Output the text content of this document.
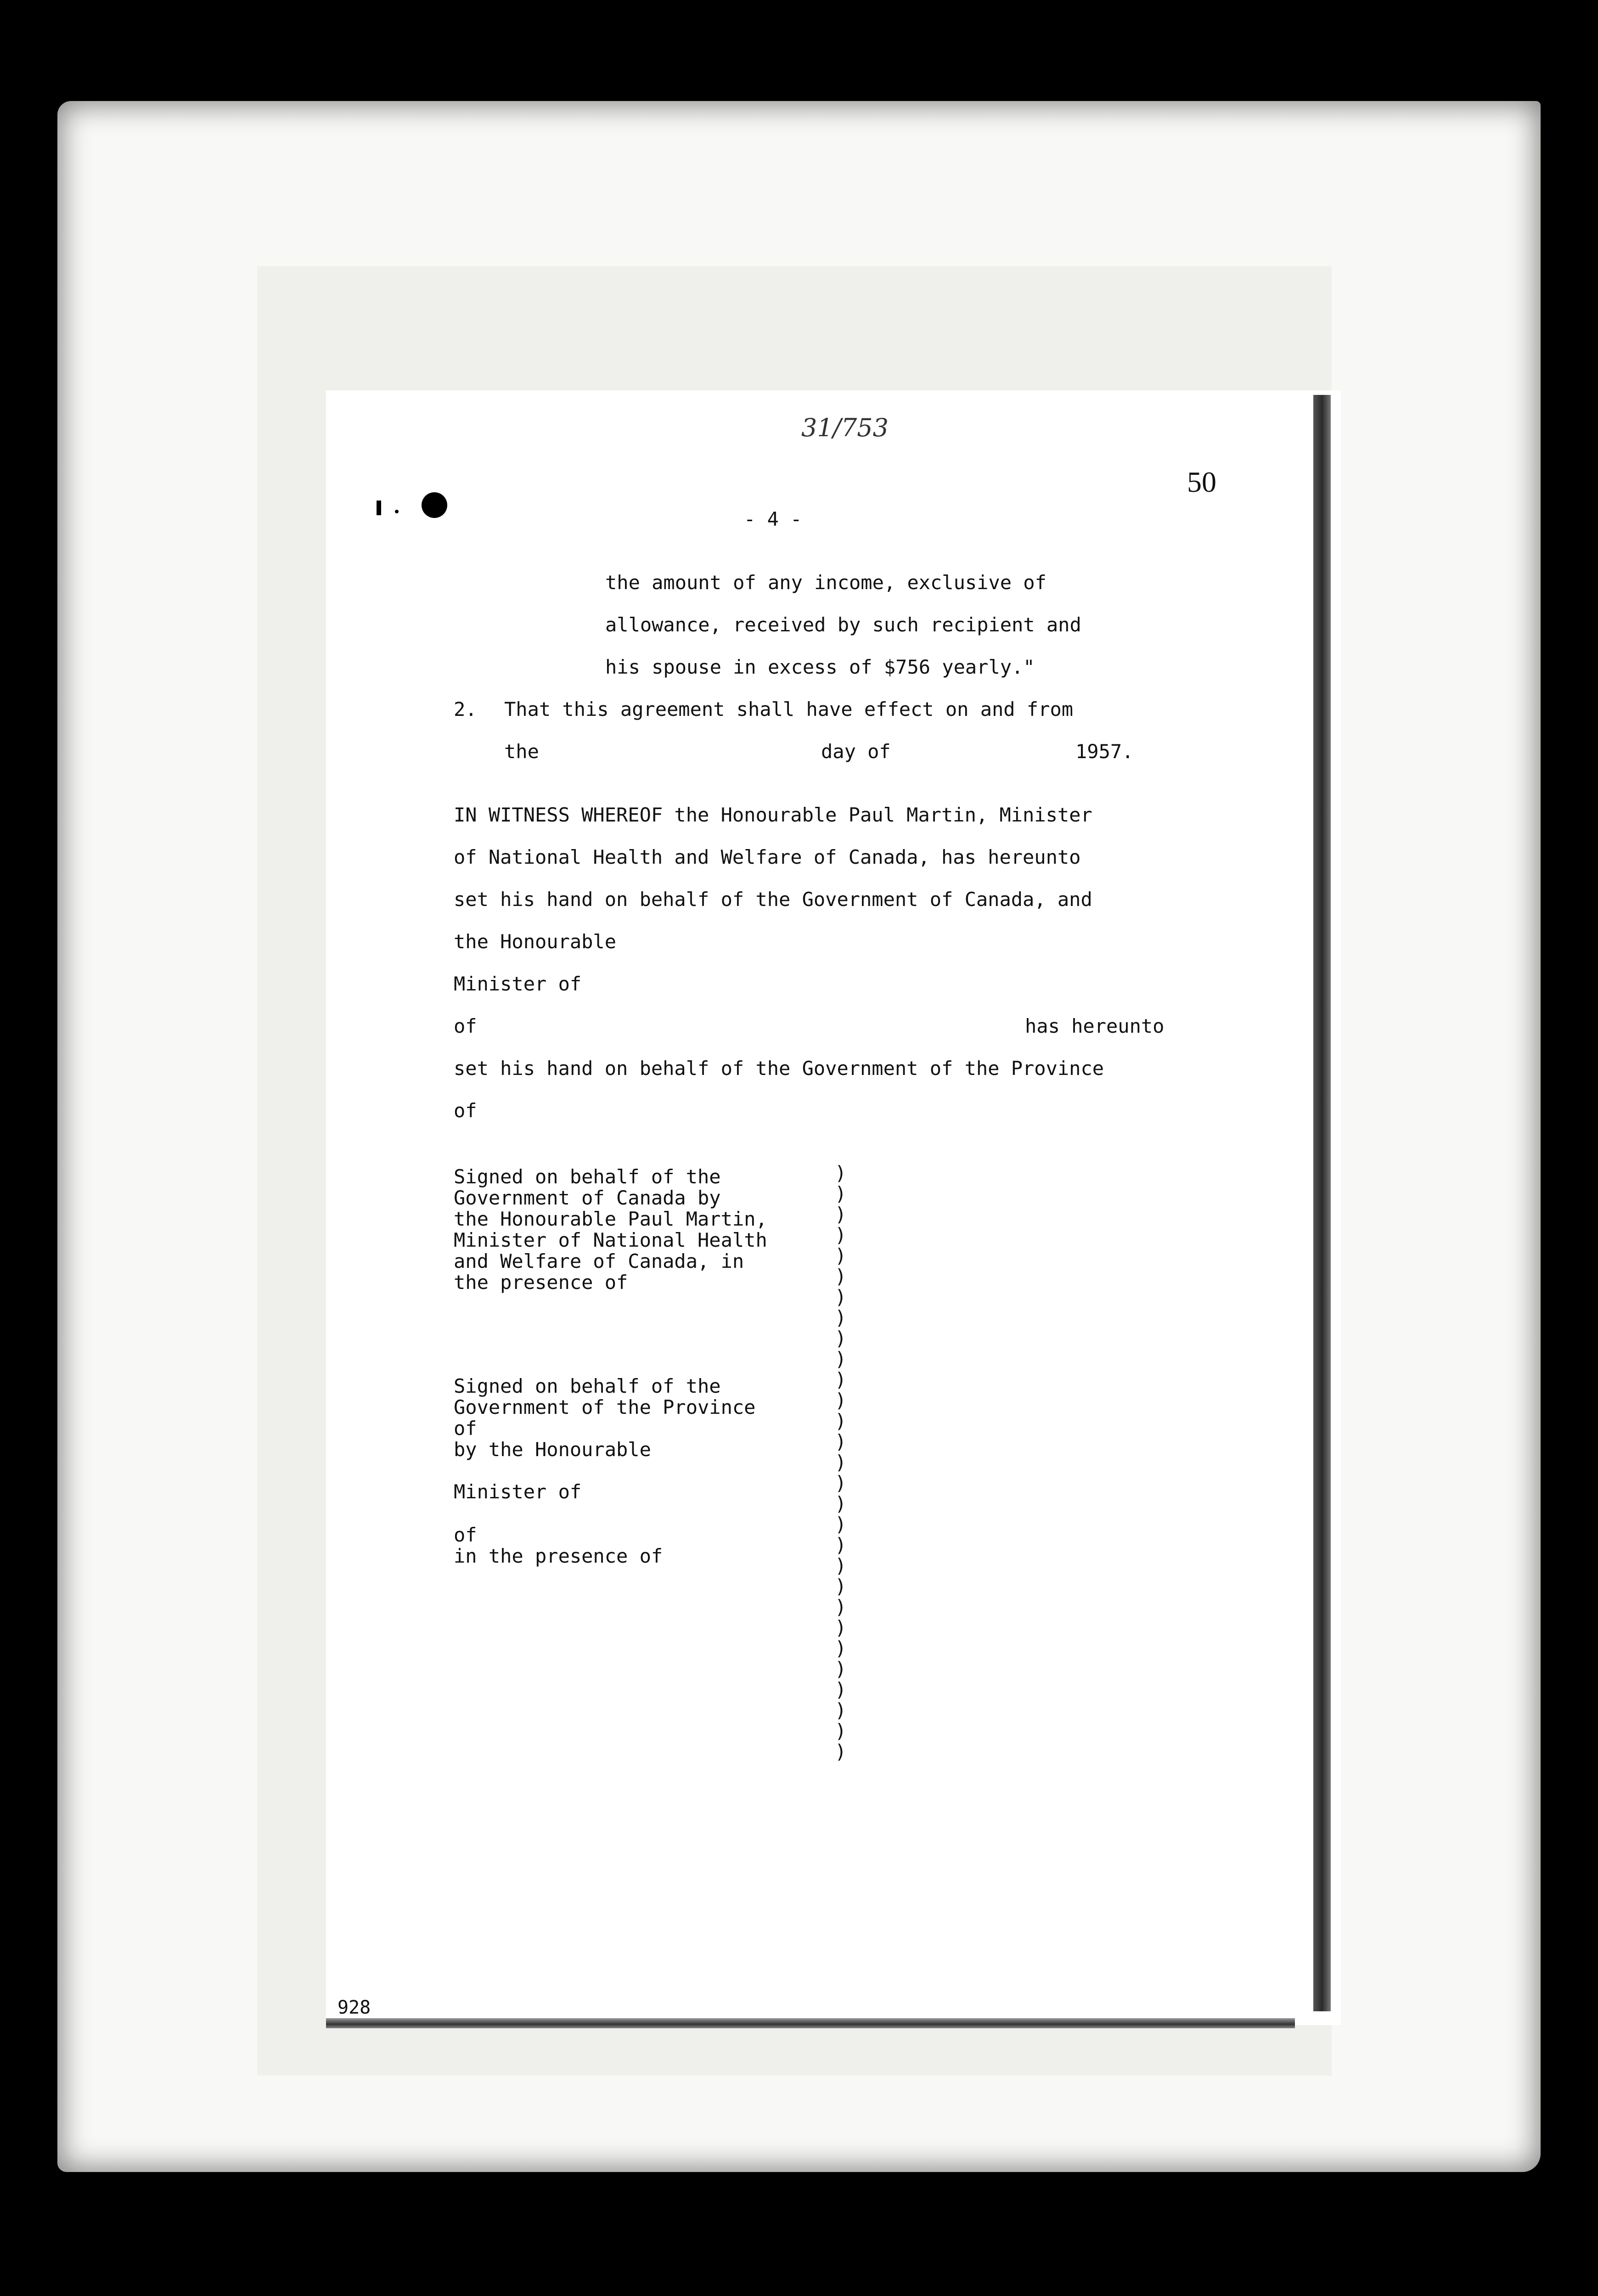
31/753
50
- 4 -
928
the amount of any income, exclusive of
allowance, received by such recipient and
his spouse in excess of $756 yearly."
2. That this agreement shall have effect on and from
the	day of	1957.
IN WITNESS WHEREOF the Honourable Paul Martin, Minister
of National Health and Welfare of Canada, has hereunto
set his hand on behalf of the Government of Canada, and
the Honourable
Minister of
of	has hereunto
set his hand on behalf of the Government of the Province
of
Signed on behalf of the
Government of Canada by
the Honourable Paul Martin,
Minister of National Health
and Welfare of Canada, in
the presence of
Signed on behalf of the
Government of the Province
of
by the Honourable
Minister of
of
in the presence of
)
)
)
)
)
)
)
)
)
)
)
)
)
)
)
)
)
)
)
)
)
)
)
)
)
)
)
)
)
